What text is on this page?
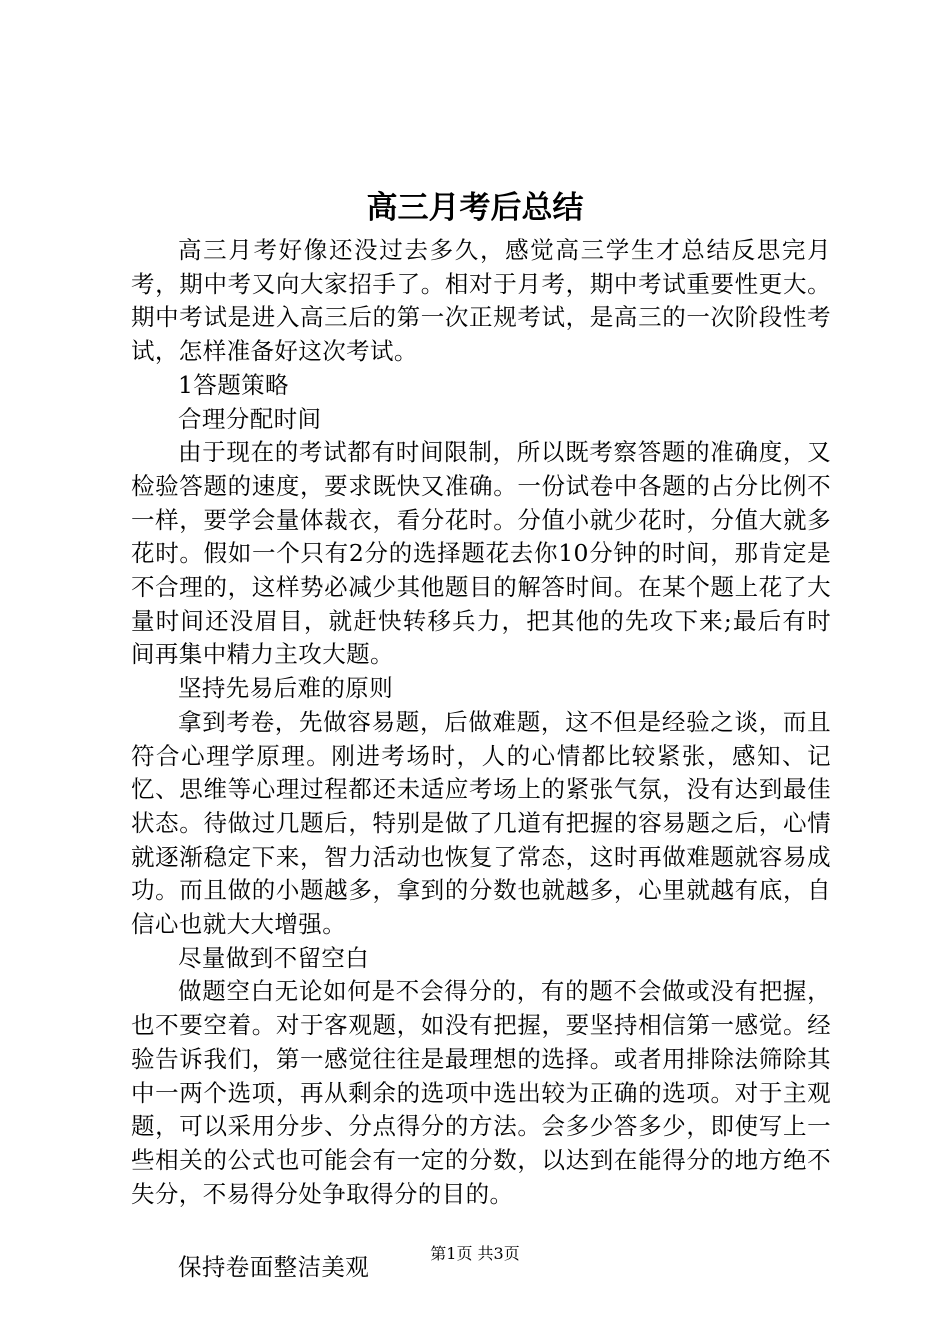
高三月考后总结

高三月考好像还没过去多久，感觉高三学生才总结反思完月考，期中考又向大家招手了。相对于月考，期中考试重要性更大。期中考试是进入高三后的第一次正规考试，是高三的一次阶段性考试，怎样准备好这次考试。

1答题策略

合理分配时间

由于现在的考试都有时间限制，所以既考察答题的准确度，又检验答题的速度，要求既快又准确。一份试卷中各题的占分比例不一样，要学会量体裁衣，看分花时。分值小就少花时，分值大就多花时。假如一个只有2分的选择题花去你10分钟的时间，那肯定是不合理的，这样势必减少其他题目的解答时间。在某个题上花了大量时间还没眉目，就赶快转移兵力，把其他的先攻下来;最后有时间再集中精力主攻大题。

坚持先易后难的原则

拿到考卷，先做容易题，后做难题，这不但是经验之谈，而且符合心理学原理。刚进考场时，人的心情都比较紧张，感知、记忆、思维等心理过程都还未适应考场上的紧张气氛，没有达到最佳状态。待做过几题后，特别是做了几道有把握的容易题之后，心情就逐渐稳定下来，智力活动也恢复了常态，这时再做难题就容易成功。而且做的小题越多，拿到的分数也就越多，心里就越有底，自信心也就大大增强。

尽量做到不留空白

做题空白无论如何是不会得分的，有的题不会做或没有把握，也不要空着。对于客观题，如没有把握，要坚持相信第一感觉。经验告诉我们，第一感觉往往是最理想的选择。或者用排除法筛除其中一两个选项，再从剩余的选项中选出较为正确的选项。对于主观题，可以采用分步、分点得分的方法。会多少答多少，即使写上一些相关的公式也可能会有一定的分数，以达到在能得分的地方绝不失分，不易得分处争取得分的目的。

保持卷面整洁美观	第1页 共3页
